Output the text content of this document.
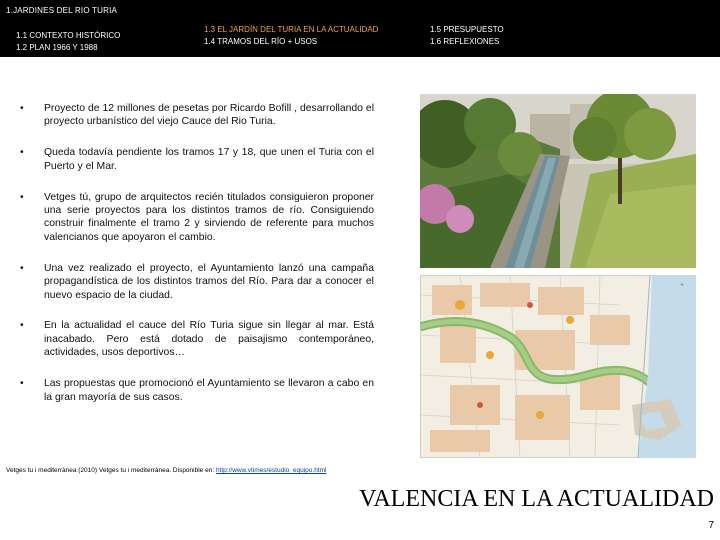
1.JARDINES DEL RIO TURIA
1.1 CONTEXTO HISTÓRICO
1.2 PLAN 1966 Y 1988
1.3 EL JARDÍN DEL TURIA EN LA ACTUALIDAD
1.4 TRAMOS DEL RÍO + USOS
1.5 PRESUPUESTO
1.6 REFLEXIONES
• Proyecto de 12 millones de pesetas por Ricardo Bofill , desarrollando el proyecto urbanístico del viejo Cauce del Rio Turia.
• Queda todavía pendiente los tramos 17 y 18, que unen el Turia con el Puerto y el Mar.
• Vetges tú, grupo de arquitectos recién titulados consiguieron proponer una serie proyectos para los distintos tramos de río. Consiguiendo construir finalmente el tramo 2 y sirviendo de referente para muchos valencianos que apoyaron el cambio.
• Una vez realizado el proyecto, el Ayuntamiento lanzó una campaña propagandística de los distintos tramos del Río. Para dar a conocer el nuevo espacio de la ciudad.
• En la actualidad el cauce del Río Turia sigue sin llegar al mar. Está inacabado. Pero está dotado de paisajismo contemporáneo, actividades, usos deportivos…
• Las propuestas que promocionó el Ayuntamiento se llevaron a cabo en la gran mayoría de sus casos.
+
Vetges tu i mediterrànea (2010) Vetges tu i mediterrànea. Disponible en: http://www.vtimes/estudio_equipo.html
VALENCIA EN LA ACTUALIDAD
7
